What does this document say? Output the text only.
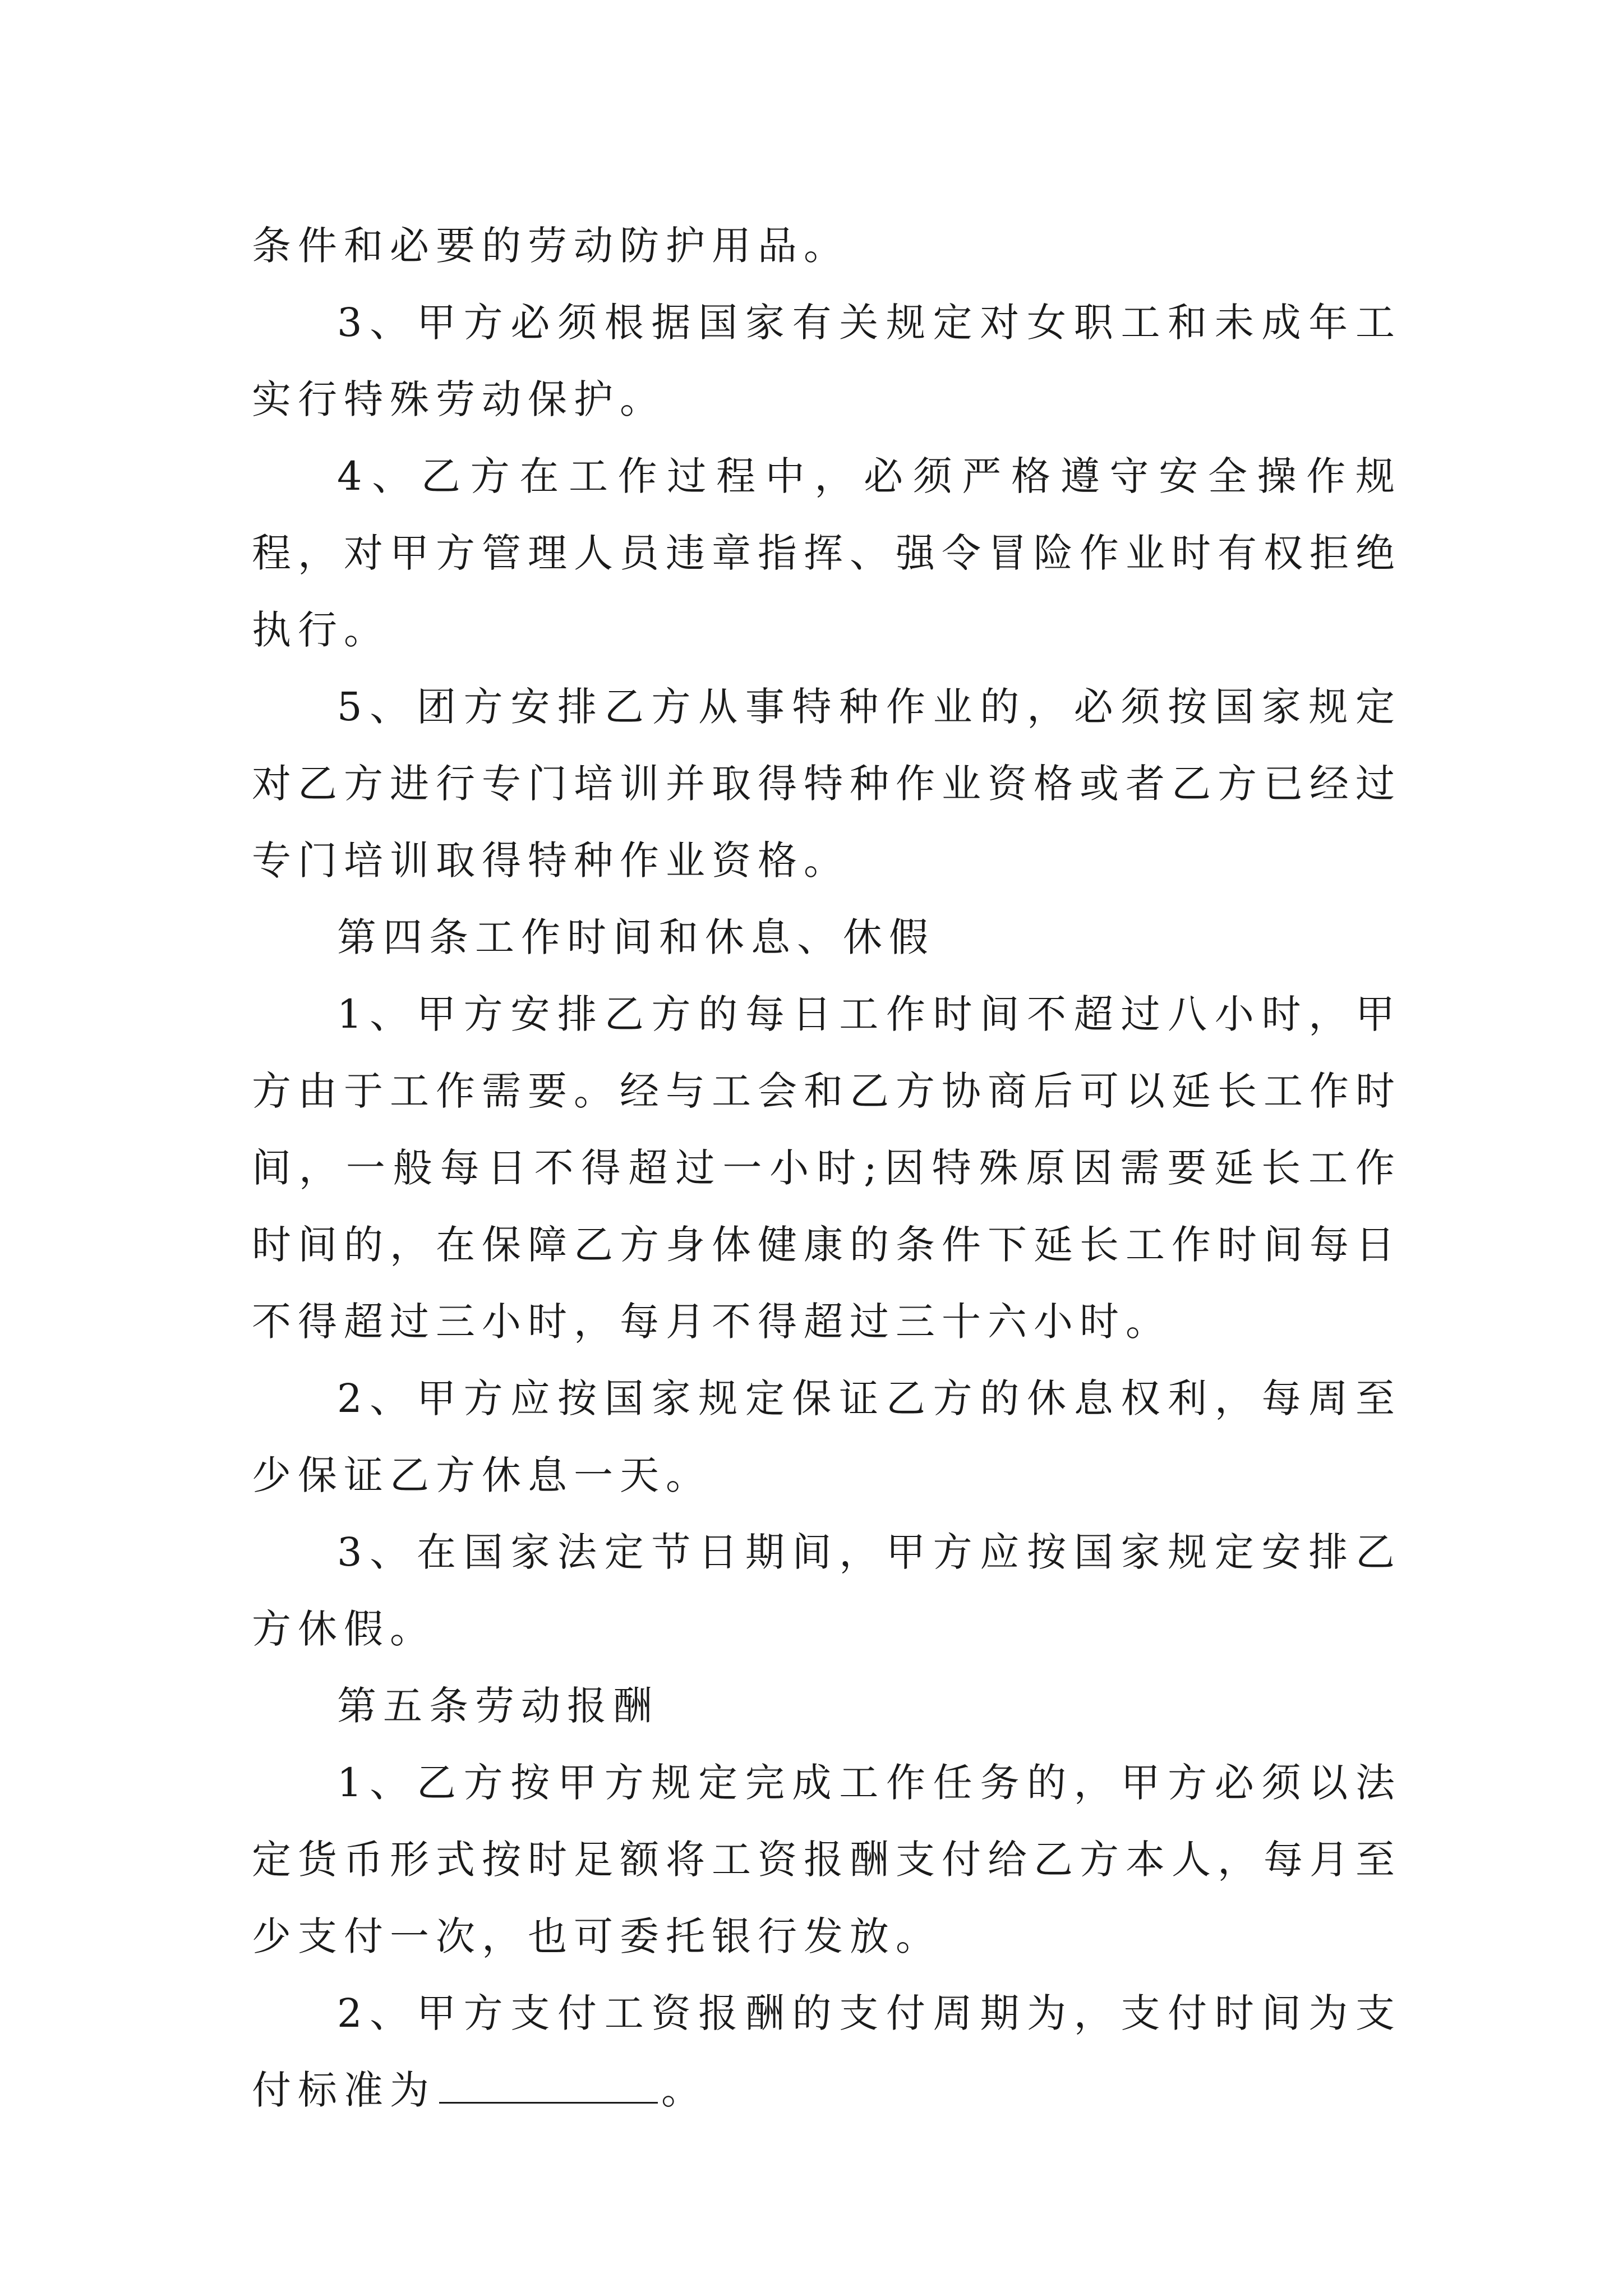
条件和必要的劳动防护用品。

3、甲方必须根据国家有关规定对女职工和未成年工实行特殊劳动保护。

4、乙方在工作过程中，必须严格遵守安全操作规程，对甲方管理人员违章指挥、强令冒险作业时有权拒绝执行。

5、团方安排乙方从事特种作业的，必须按国家规定对乙方进行专门培训并取得特种作业资格或者乙方已经过专门培训取得特种作业资格。

第四条工作时间和休息、休假

1、甲方安排乙方的每日工作时间不超过八小时，甲方由于工作需要。经与工会和乙方协商后可以延长工作时间，一般每日不得超过一小时;因特殊原因需要延长工作时间的，在保障乙方身体健康的条件下延长工作时间每日不得超过三小时，每月不得超过三十六小时。

2、甲方应按国家规定保证乙方的休息权利，每周至少保证乙方休息一天。

3、在国家法定节日期间，甲方应按国家规定安排乙方休假。

第五条劳动报酬

1、乙方按甲方规定完成工作任务的，甲方必须以法定货币形式按时足额将工资报酬支付给乙方本人，每月至少支付一次，也可委托银行发放。

2、甲方支付工资报酬的支付周期为，支付时间为支付标准为	。
